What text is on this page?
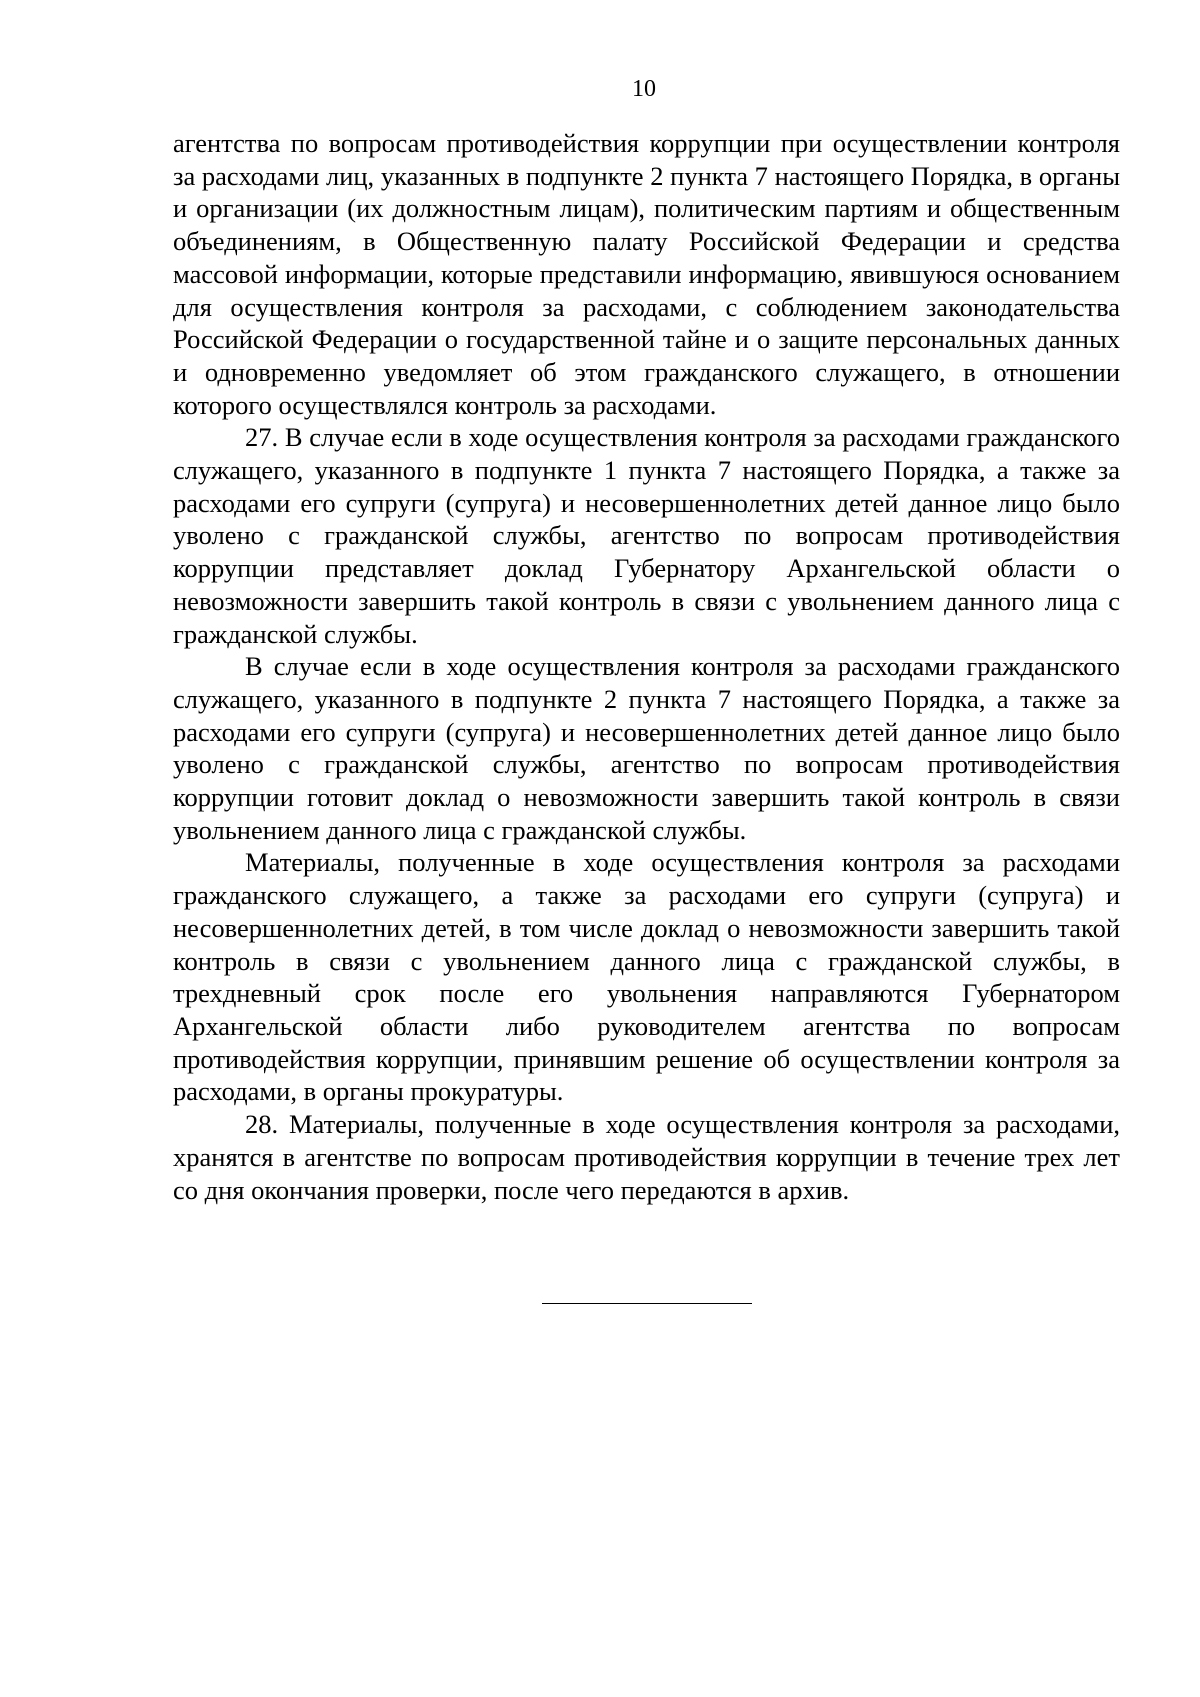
10

агентства по вопросам противодействия коррупции при осуществлении контроля за расходами лиц, указанных в подпункте 2 пункта 7 настоящего Порядка, в органы и организации (их должностным лицам), политическим партиям и общественным объединениям, в Общественную палату Российской Федерации и средства массовой информации, которые представили информацию, явившуюся основанием для осуществления контроля за расходами, с соблюдением законодательства Российской Федерации о государственной тайне и о защите персональных данных и одновременно уведомляет об этом гражданского служащего, в отношении которого осуществлялся контроль за расходами.

27. В случае если в ходе осуществления контроля за расходами гражданского служащего, указанного в подпункте 1 пункта 7 настоящего Порядка, а также за расходами его супруги (супруга) и несовершеннолетних детей данное лицо было уволено с гражданской службы, агентство по вопросам противодействия коррупции представляет доклад Губернатору Архангельской области о невозможности завершить такой контроль в связи с увольнением данного лица с гражданской службы.

В случае если в ходе осуществления контроля за расходами гражданского служащего, указанного в подпункте 2 пункта 7 настоящего Порядка, а также за расходами его супруги (супруга) и несовершеннолетних детей данное лицо было уволено с гражданской службы, агентство по вопросам противодействия коррупции готовит доклад о невозможности завершить такой контроль в связи увольнением данного лица с гражданской службы.

Материалы, полученные в ходе осуществления контроля за расходами гражданского служащего, а также за расходами его супруги (супруга) и несовершеннолетних детей, в том числе доклад о невозможности завершить такой контроль в связи с увольнением данного лица с гражданской службы, в трехдневный срок после его увольнения направляются Губернатором Архангельской области либо руководителем агентства по вопросам противодействия коррупции, принявшим решение об осуществлении контроля за расходами, в органы прокуратуры.

28. Материалы, полученные в ходе осуществления контроля за расходами, хранятся в агентстве по вопросам противодействия коррупции в течение трех лет со дня окончания проверки, после чего передаются в архив.
